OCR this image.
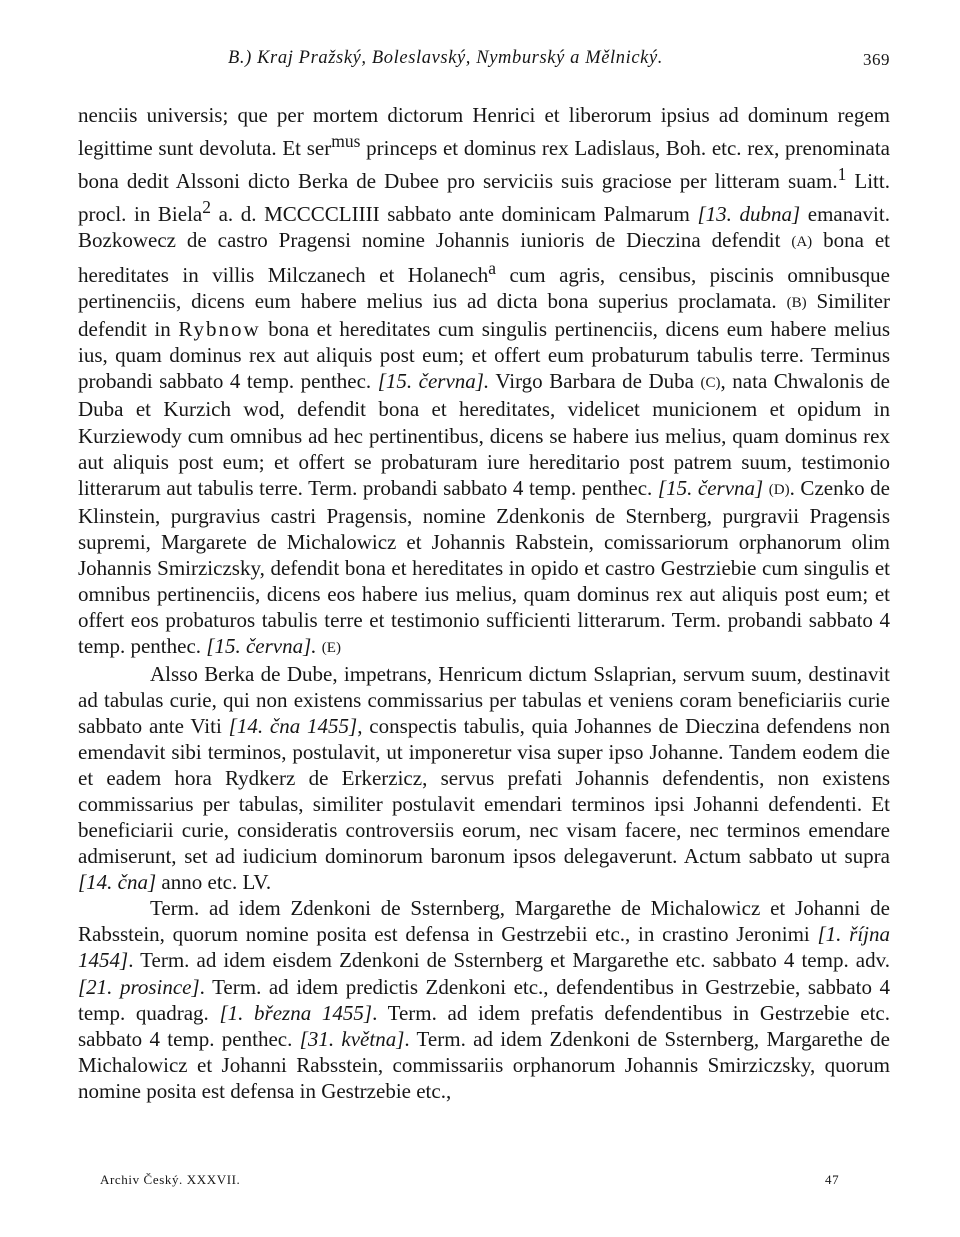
B.) Kraj Pražský, Boleslavský, Nymburský a Mělnický.	369

nenciis universis; que per mortem dictorum Henrici et liberorum ipsius ad dominum regem legittime sunt devoluta. Et ser$^{mus}$ princeps et dominus rex Ladislaus, Boh. etc. rex, prenominata bona dedit Alssoni dicto Berka de Dubee pro serviciis suis graciose per litteram suam.$^1$ Litt. procl. in Biela$^2$ a. d. MCCCCLIIII sabbato ante dominicam Palmarum [13. dubna] emanavit. Bozkowecz de castro Pragensi nomine Johannis iunioris de Dieczina defendit (A) bona et hereditates in villis Milczanech et Holanech$^a$ cum agris, censibus, piscinis omnibusque pertinenciis, dicens eum habere melius ius ad dicta bona superius proclamata. (B) Similiter defendit in Rybnow bona et hereditates cum singulis pertinenciis, dicens eum habere melius ius, quam dominus rex aut aliquis post eum; et offert eum probaturum tabulis terre. Terminus probandi sabbato 4 temp. penthec. [15. června]. Virgo Barbara de Duba (C), nata Chwalonis de Duba et Kurzich wod, defendit bona et hereditates, videlicet municionem et opidum in Kurziewody cum omnibus ad hec pertinentibus, dicens se habere ius melius, quam dominus rex aut aliquis post eum; et offert se probaturam iure hereditario post patrem suum, testimonio litterarum aut tabulis terre. Term. probandi sabbato 4 temp. penthec. [15. června] (D). Czenko de Klinstein, purgravius castri Pragensis, nomine Zdenkonis de Sternberg, purgravii Pragensis supremi, Margarete de Michalowicz et Johannis Rabstein, comissariorum orphanorum olim Johannis Smirziczsky, defendit bona et hereditates in opido et castro Gestrziebie cum singulis et omnibus pertinenciis, dicens eos habere ius melius, quam dominus rex aut aliquis post eum; et offert eos probaturos tabulis terre et testimonio sufficienti litterarum. Term. probandi sabbato 4 temp. penthec. [15. června]. (E)

Alsso Berka de Dube, impetrans, Henricum dictum Sslaprian, servum suum, destinavit ad tabulas curie, qui non existens commissarius per tabulas et veniens coram beneficiariis curie sabbato ante Viti [14. čna 1455], conspectis tabulis, quia Johannes de Dieczina defendens non emendavit sibi terminos, postulavit, ut imponeretur visa super ipso Johanne. Tandem eodem die et eadem hora Rydkerz de Erkerzicz, servus prefati Johannis defendentis, non existens commissarius per tabulas, similiter postulavit emendari terminos ipsi Johanni defendenti. Et beneficiarii curie, consideratis controversiis eorum, nec visam facere, nec terminos emendare admiserunt, set ad iudicium dominorum baronum ipsos delegaverunt. Actum sabbato ut supra [14. čna] anno etc. LV.

Term. ad idem Zdenkoni de Ssternberg, Margarethe de Michalowicz et Johanni de Rabsstein, quorum nomine posita est defensa in Gestrzebii etc., in crastino Jeronimi [1. října 1454]. Term. ad idem eisdem Zdenkoni de Ssternberg et Margarethe etc. sabbato 4 temp. adv. [21. prosince]. Term. ad idem predictis Zdenkoni etc., defendentibus in Gestrzebie, sabbato 4 temp. quadrag. [1. března 1455]. Term. ad idem prefatis defendentibus in Gestrzebie etc. sabbato 4 temp. penthec. [31. května]. Term. ad idem Zdenkoni de Ssternberg, Margarethe de Michalowicz et Johanni Rabsstein, commissariis orphanorum Johannis Smirziczsky, quorum nomine posita est defensa in Gestrzebie etc.,

Archiv Český. XXXVII.	47
